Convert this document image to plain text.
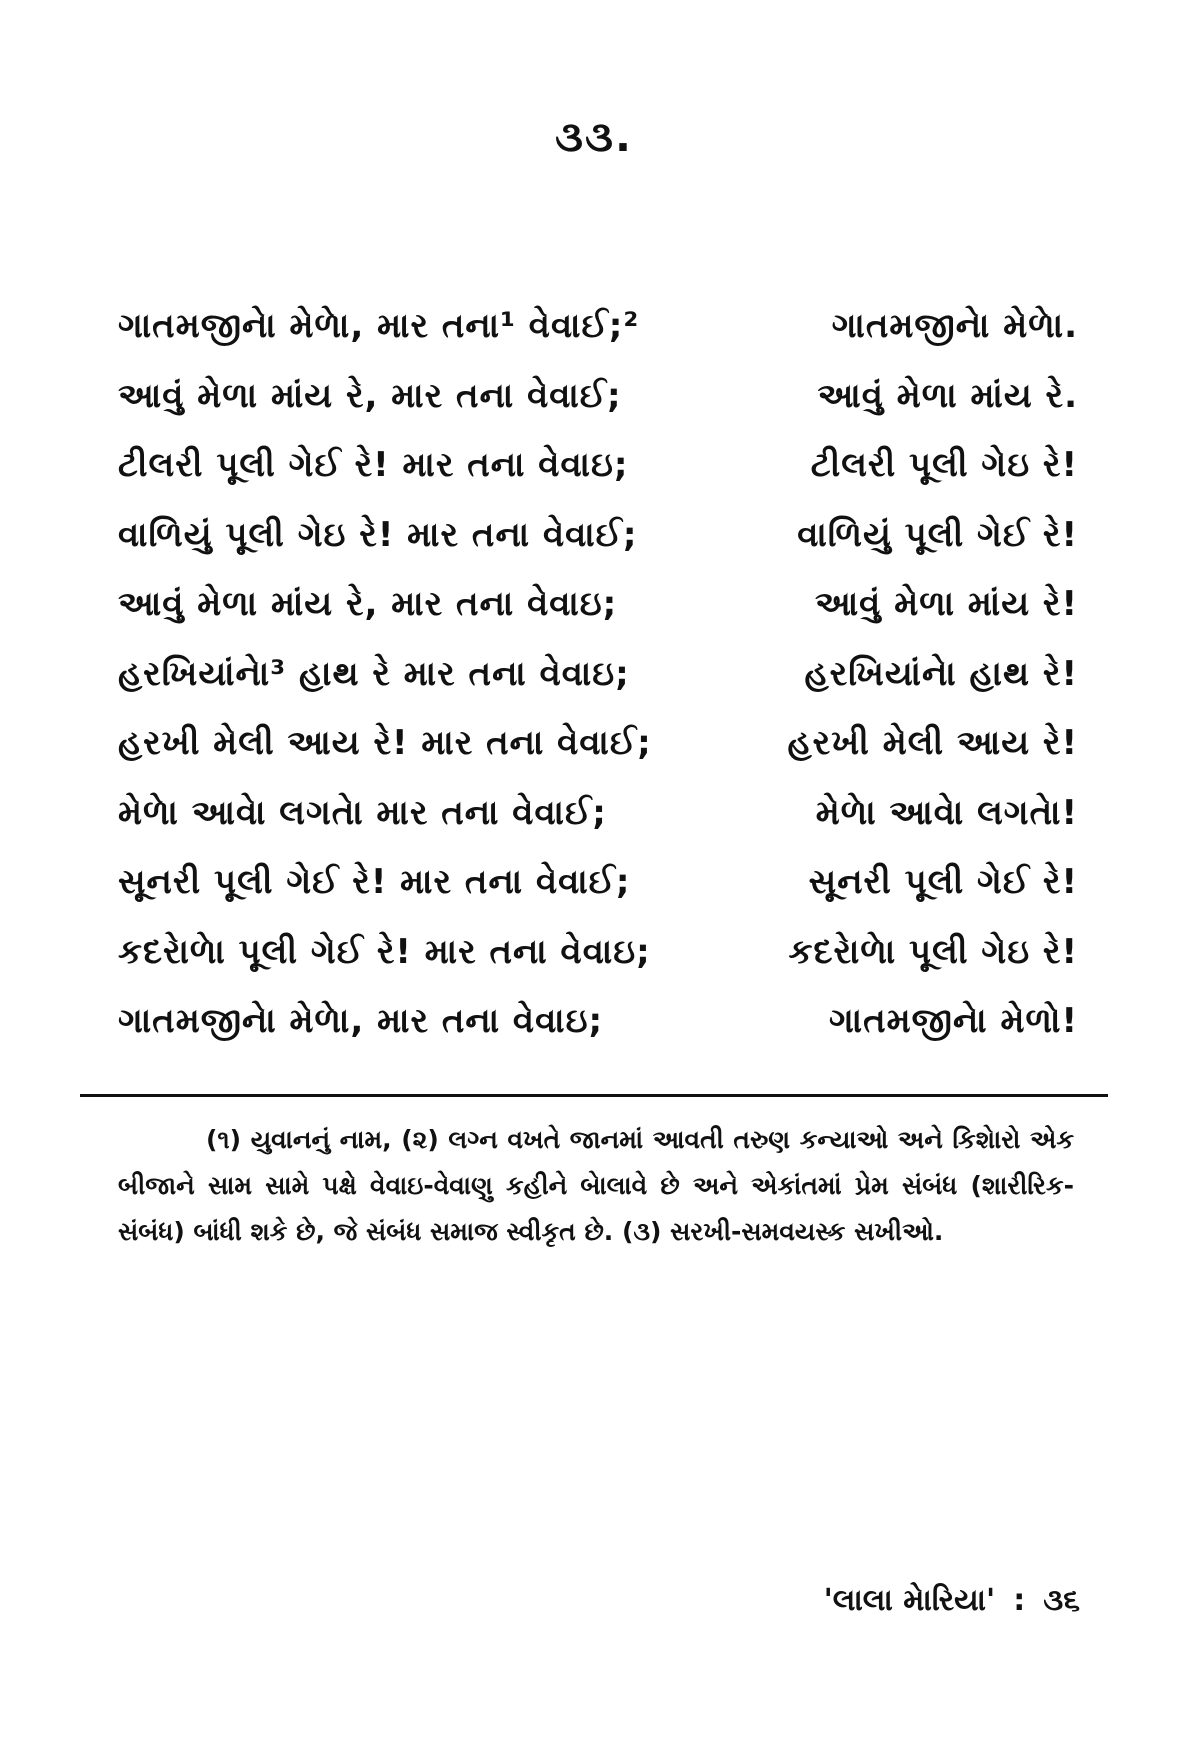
૩૩.
ગાતમજીનેા મેળેા, માર તના¹ વેવાઈ;²	ગાતમજીનેા મેળેા.
આવું મેળા માંય રે, માર તના વેવાઈ;	આવું મેળા માંય રે.
ટીલરી પૂલી ગેઈ રે! માર તના વેવાઇ;	ટીલરી પૂલી ગેઇ રે!
વાળિયું પૂલી ગેઇ રે! માર તના વેવાઈ;	વાળિયું પૂલી ગેઈ રે!
આવું મેળા માંય રે, માર તના વેવાઇ;	આવું મેળા માંય રે!
હરખિયાંનેા³ હાથ રે માર તના વેવાઇ;	હરખિયાંનેા હાથ રે!
હરખી મેલી આય રે! માર તના વેવાઈ;	હરખી મેલી આય રે!
મેળેા આવેા લગતેા માર તના વેવાઈ;	મેળેા આવેા લગતેા!
સૂનરી પૂલી ગેઈ રે! માર તના વેવાઈ;	સૂનરી પૂલી ગેઈ રે!
કદરેાળેા પૂલી ગેઈ રે! માર તના વેવાઇ;	કદરેાળેા પૂલી ગેઇ રે!
ગાતમજીનેા મેળેા, માર તના વેવાઇ;	ગાતમજીનેા મેળો!

(૧) યુવાનનું નામ, (૨) લગ્ન વખતે જાનમાં આવતી તરુણ કન્યાઓ અને કિશેારો એક બીજાને સામ સામે પક્ષે વેવાઇ-વેવાણુ કહીને બેાલાવે છે અને એકાંતમાં પ્રેમ સંબંધ (શારીરિક-સંબંધ) બાંધી શકે છે, જે સંબંધ સમાજ સ્વીકૃત છે. (૩) સરખી-સમવયસ્ક સખીઓ.

'લાલા મેારિયા' : ૩૬
